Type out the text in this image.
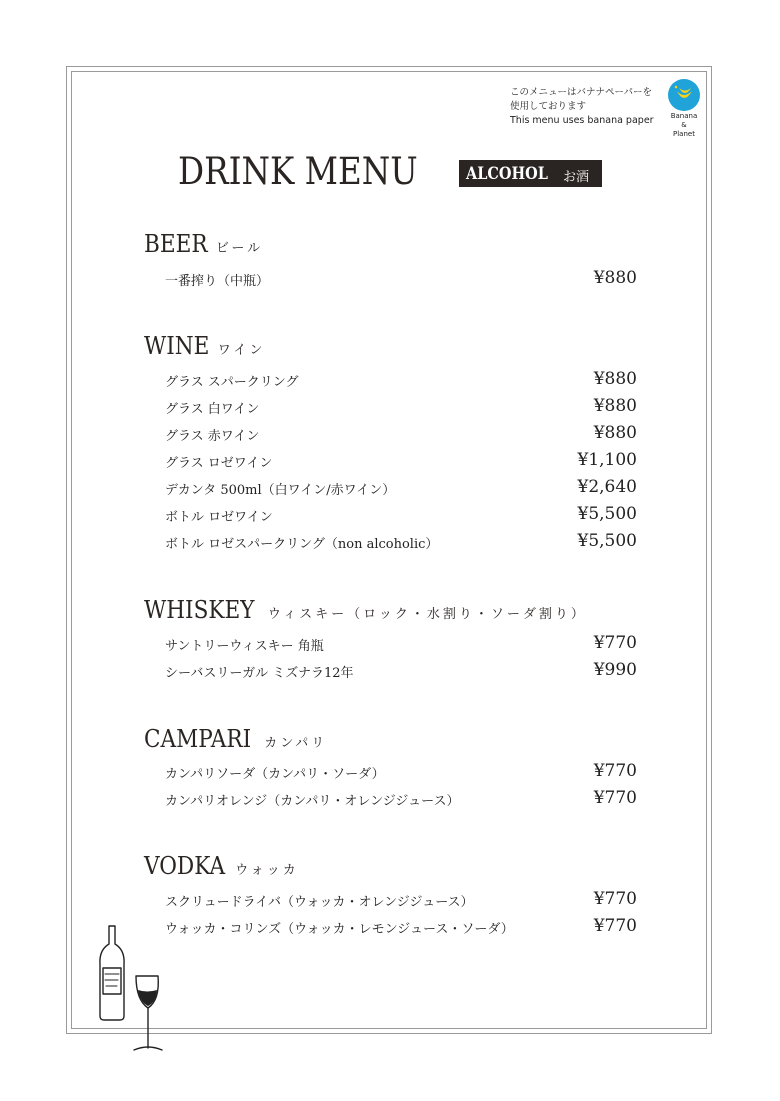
このメニューはバナナペーパーを
使用しております
This menu uses banana paper	Banana
&
Planet
DRINK MENU	ALCOHOL お酒
BEER ビール
一番搾り（中瓶）	¥880
WINE ワイン
グラス スパークリング	¥880
グラス 白ワイン	¥880
グラス 赤ワイン	¥880
グラス ロゼワイン	¥1,100
デカンタ 500ml（白ワイン/赤ワイン）	¥2,640
ボトル ロゼワイン	¥5,500
ボトル ロゼスパークリング（non alcoholic）	¥5,500
WHISKEY ウィスキー（ロック・水割り・ソーダ割り）
サントリーウィスキー 角瓶	¥770
シーバスリーガル ミズナラ12年	¥990
CAMPARI カンパリ
カンパリソーダ（カンパリ・ソーダ）	¥770
カンパリオレンジ（カンパリ・オレンジジュース）	¥770
VODKA ウォッカ
スクリュードライバ（ウォッカ・オレンジジュース）	¥770
ウォッカ・コリンズ（ウォッカ・レモンジュース・ソーダ）	¥770
